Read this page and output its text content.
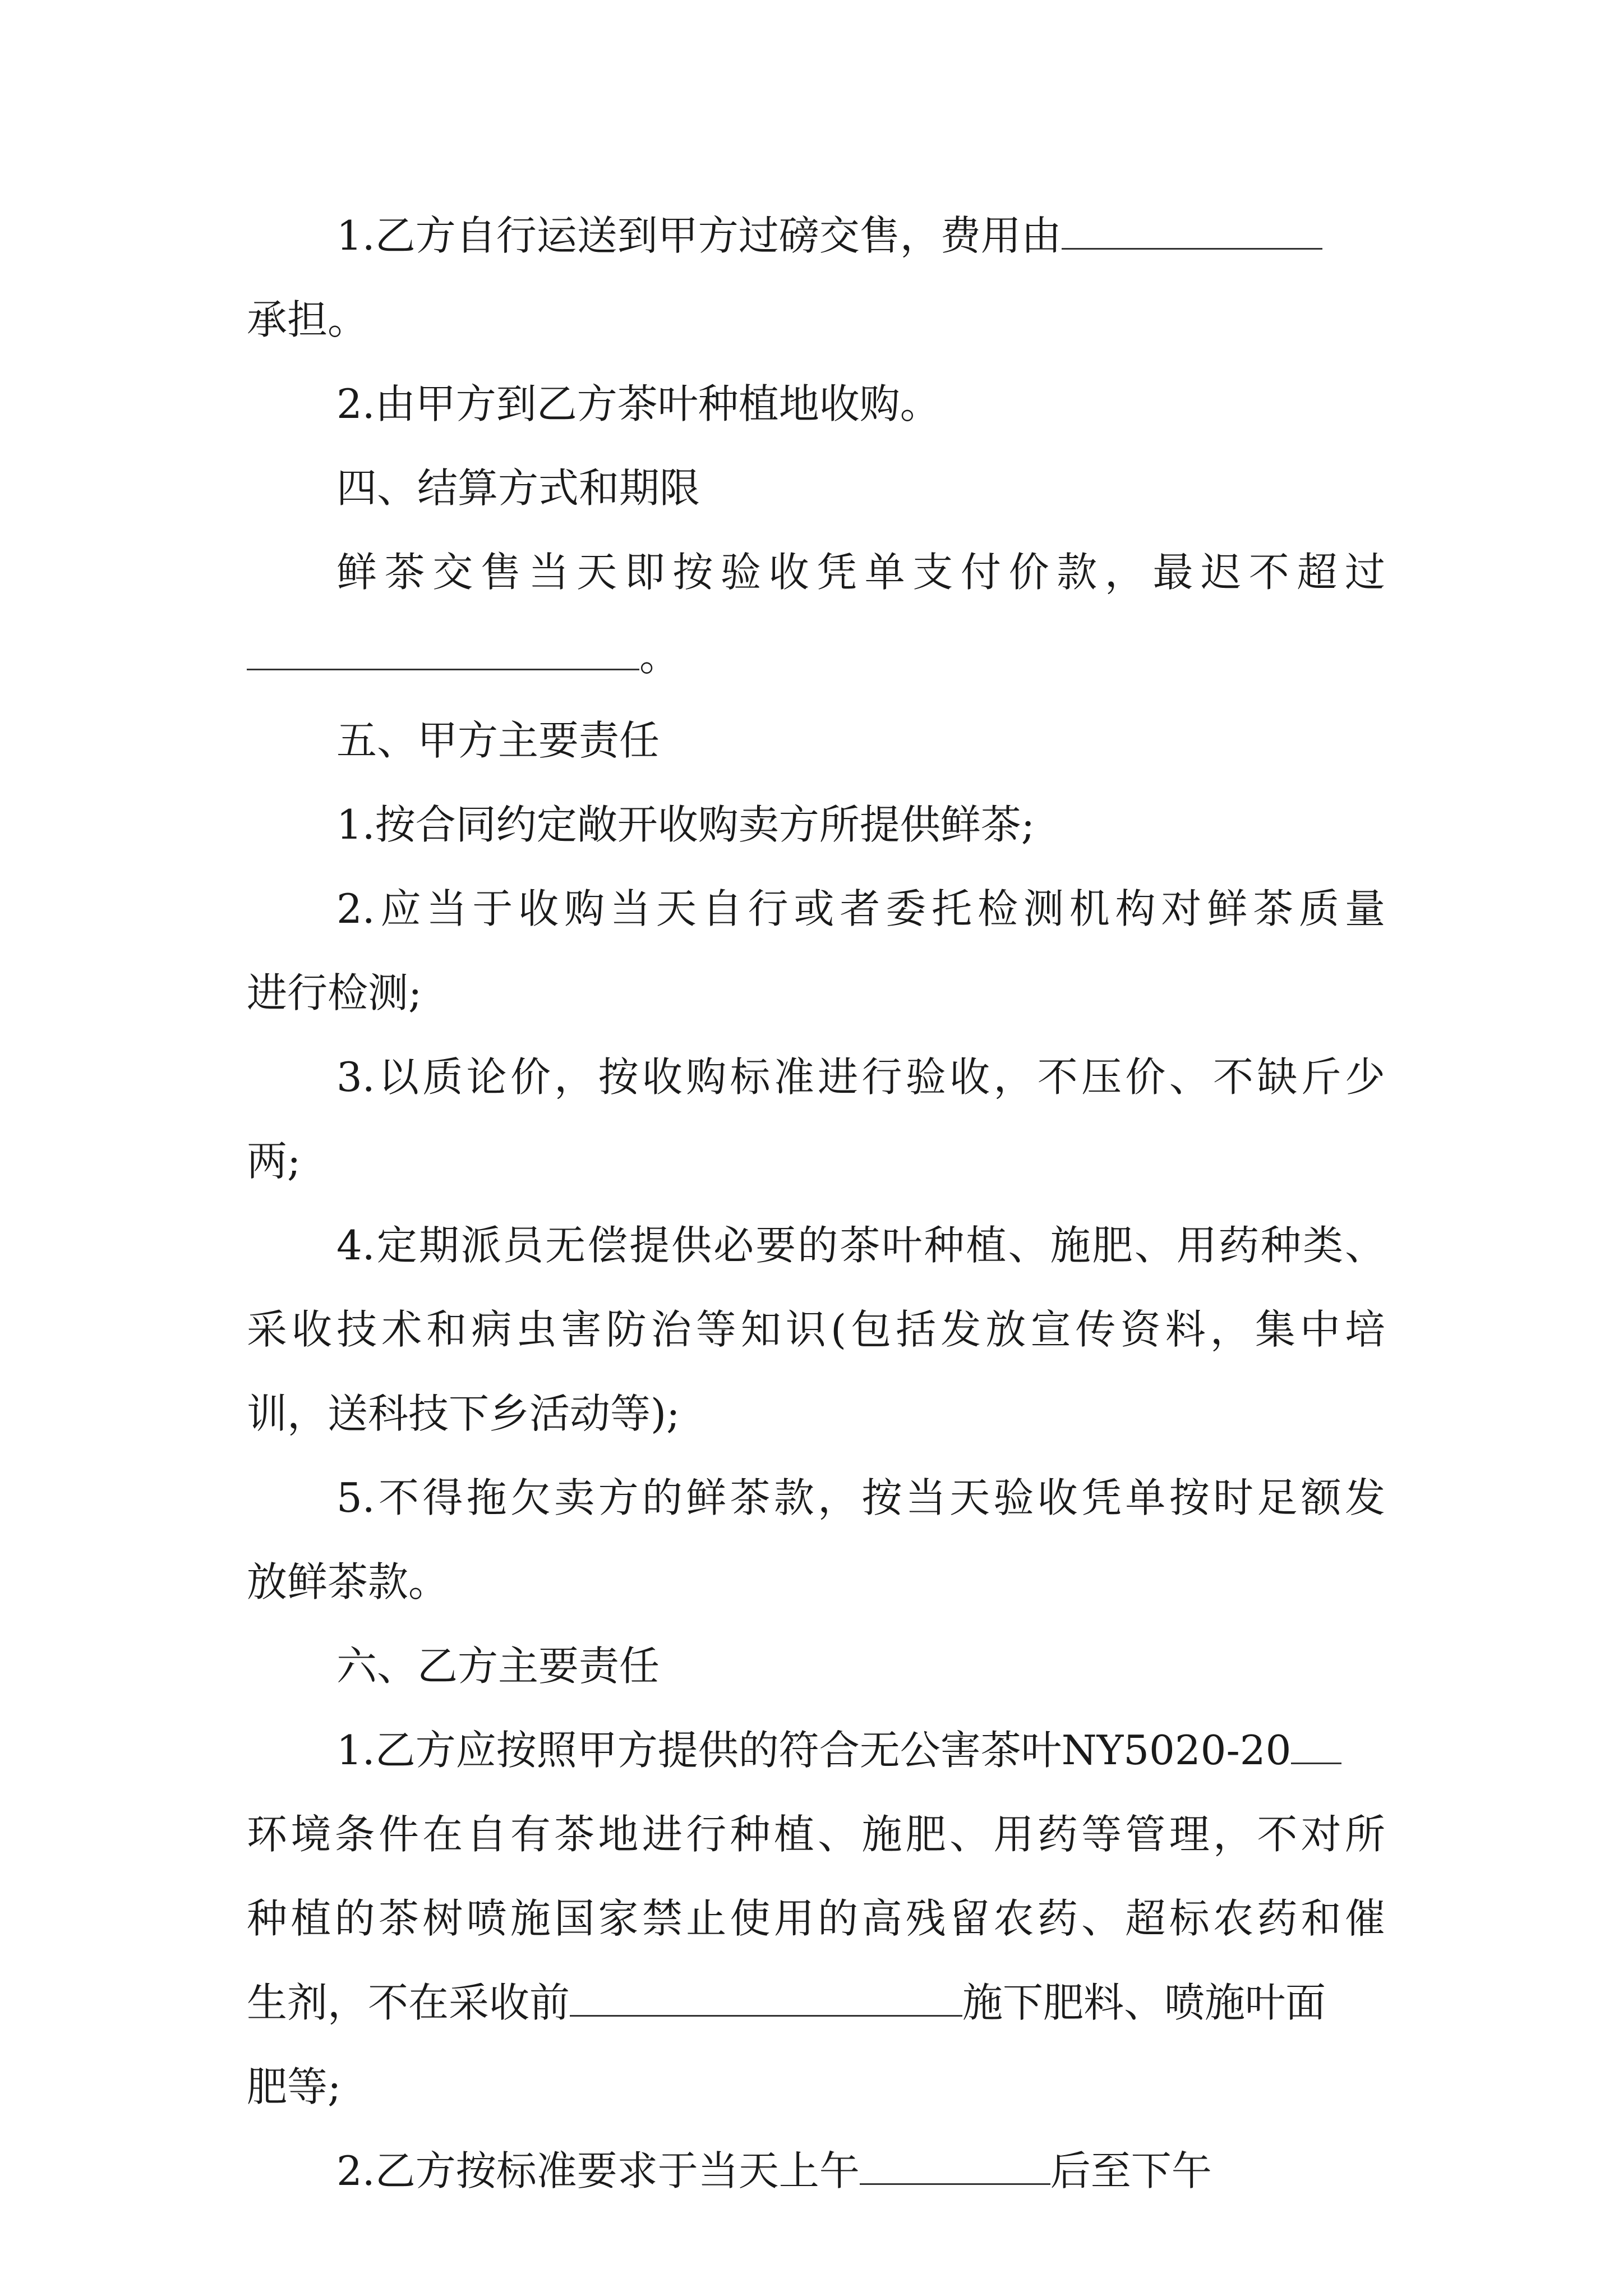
1.乙方自行运送到甲方过磅交售，费用由
承担。
2.由甲方到乙方茶叶种植地收购。
四、结算方式和期限
鲜茶交售当天即按验收凭单支付价款，最迟不超过
。
五、甲方主要责任
1.按合同约定敞开收购卖方所提供鲜茶;
2.应当于收购当天自行或者委托检测机构对鲜茶质量
进行检测;
3.以质论价，按收购标准进行验收，不压价、不缺斤少
两;
4.定期派员无偿提供必要的茶叶种植、施肥、用药种类、
采收技术和病虫害防治等知识(包括发放宣传资料，集中培
训，送科技下乡活动等);
5.不得拖欠卖方的鲜茶款，按当天验收凭单按时足额发
放鲜茶款。
六、乙方主要责任
1.乙方应按照甲方提供的符合无公害茶叶NY5020-20
环境条件在自有茶地进行种植、施肥、用药等管理，不对所
种植的茶树喷施国家禁止使用的高残留农药、超标农药和催
生剂，不在采收前	施下肥料、喷施叶面
肥等;
2.乙方按标准要求于当天上午	后至下午
